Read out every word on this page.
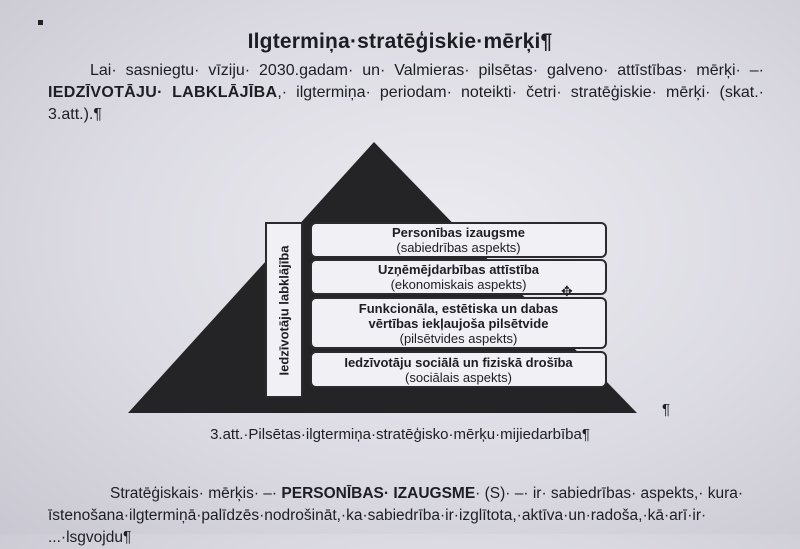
Ilgtermiņa·stratēģiskie·mērķi¶
Lai· sasniegtu· vīziju· 2030.gadam· un· Valmieras· pilsētas· galveno· attīstības· mērķi· –· IEDZĪVOTĀJU· LABKLĀJĪBA,· ilgtermiņa· periodam· noteikti· četri· stratēģiskie· mērķi· (skat.· 3.att.).¶
Iedzīvotāju labklājība
Personības izaugsme
(sabiedrības aspekts)
Uzņēmējdarbības attīstība
(ekonomiskais aspekts)
Funkcionāla, estētiska un dabas
vērtības iekļaujoša pilsētvide
(pilsētvides aspekts)
Iedzīvotāju sociālā un fiziskā drošība
(sociālais aspekts)
✥
¶
3.att.·Pilsētas·ilgtermiņa·stratēģisko·mērķu·mijiedarbība¶
Stratēģiskais· mērķis· –· PERSONĪBAS· IZAUGSME· (S)· –· ir· sabiedrības· aspekts,· kura· īstenošana·ilgtermiņā·palīdzēs·nodrošināt,·ka·sabiedrība·ir·izglītota,·aktīva·un·radoša,·kā·arī·ir· ...·lsgvojdu¶
